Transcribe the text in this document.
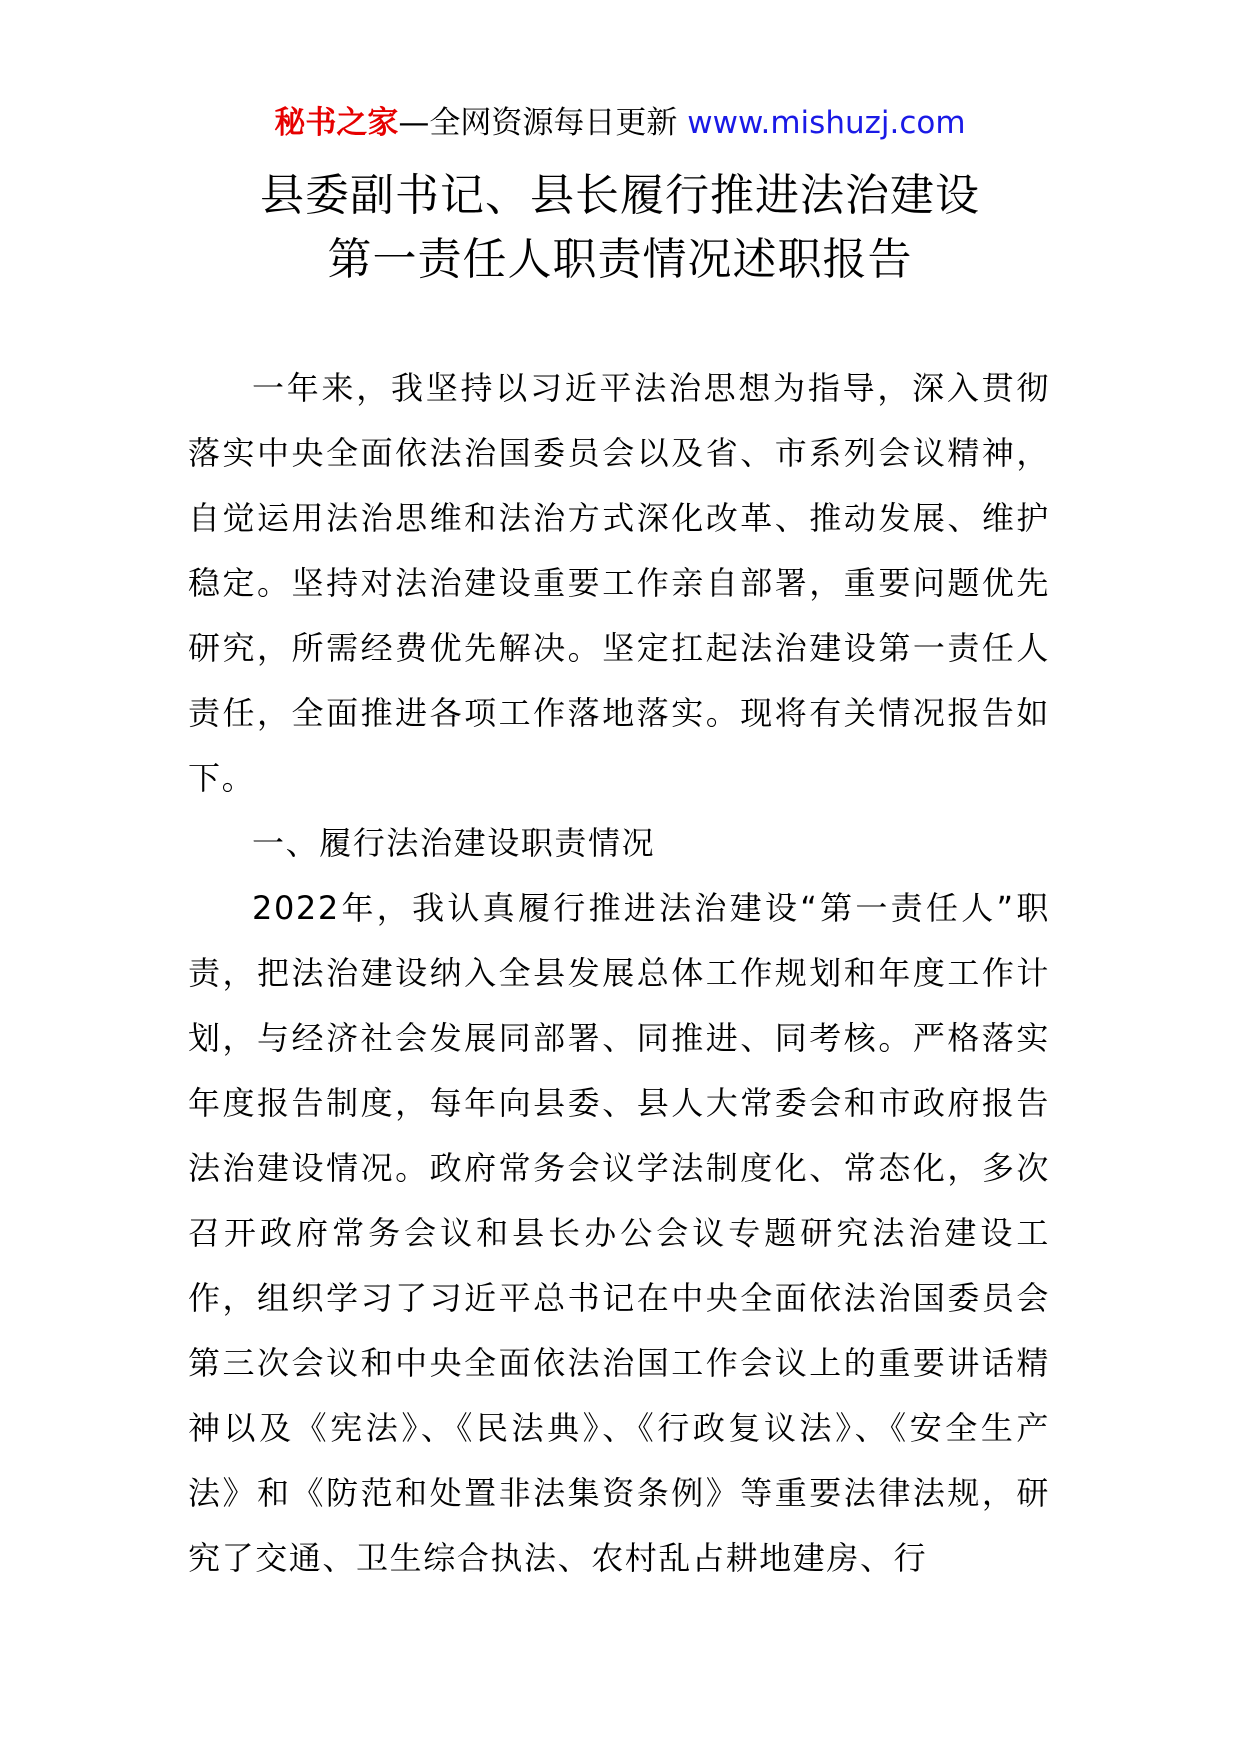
秘书之家—全网资源每日更新 www.mishuzj.com
县委副书记、县长履行推进法治建设
第一责任人职责情况述职报告

一年来，我坚持以习近平法治思想为指导，深入贯彻落实中央全面依法治国委员会以及省、市系列会议精神，自觉运用法治思维和法治方式深化改革、推动发展、维护稳定。坚持对法治建设重要工作亲自部署，重要问题优先研究，所需经费优先解决。坚定扛起法治建设第一责任人责任，全面推进各项工作落地落实。现将有关情况报告如下。

一、履行法治建设职责情况

2022年，我认真履行推进法治建设“第一责任人”职责，把法治建设纳入全县发展总体工作规划和年度工作计划，与经济社会发展同部署、同推进、同考核。严格落实年度报告制度，每年向县委、县人大常委会和市政府报告法治建设情况。政府常务会议学法制度化、常态化，多次召开政府常务会议和县长办公会议专题研究法治建设工作，组织学习了习近平总书记在中央全面依法治国委员会第三次会议和中央全面依法治国工作会议上的重要讲话精神以及《宪法》、《民法典》、《行政复议法》、《安全生产法》和《防范和处置非法集资条例》等重要法律法规，研究了交通、卫生综合执法、农村乱占耕地建房、行
